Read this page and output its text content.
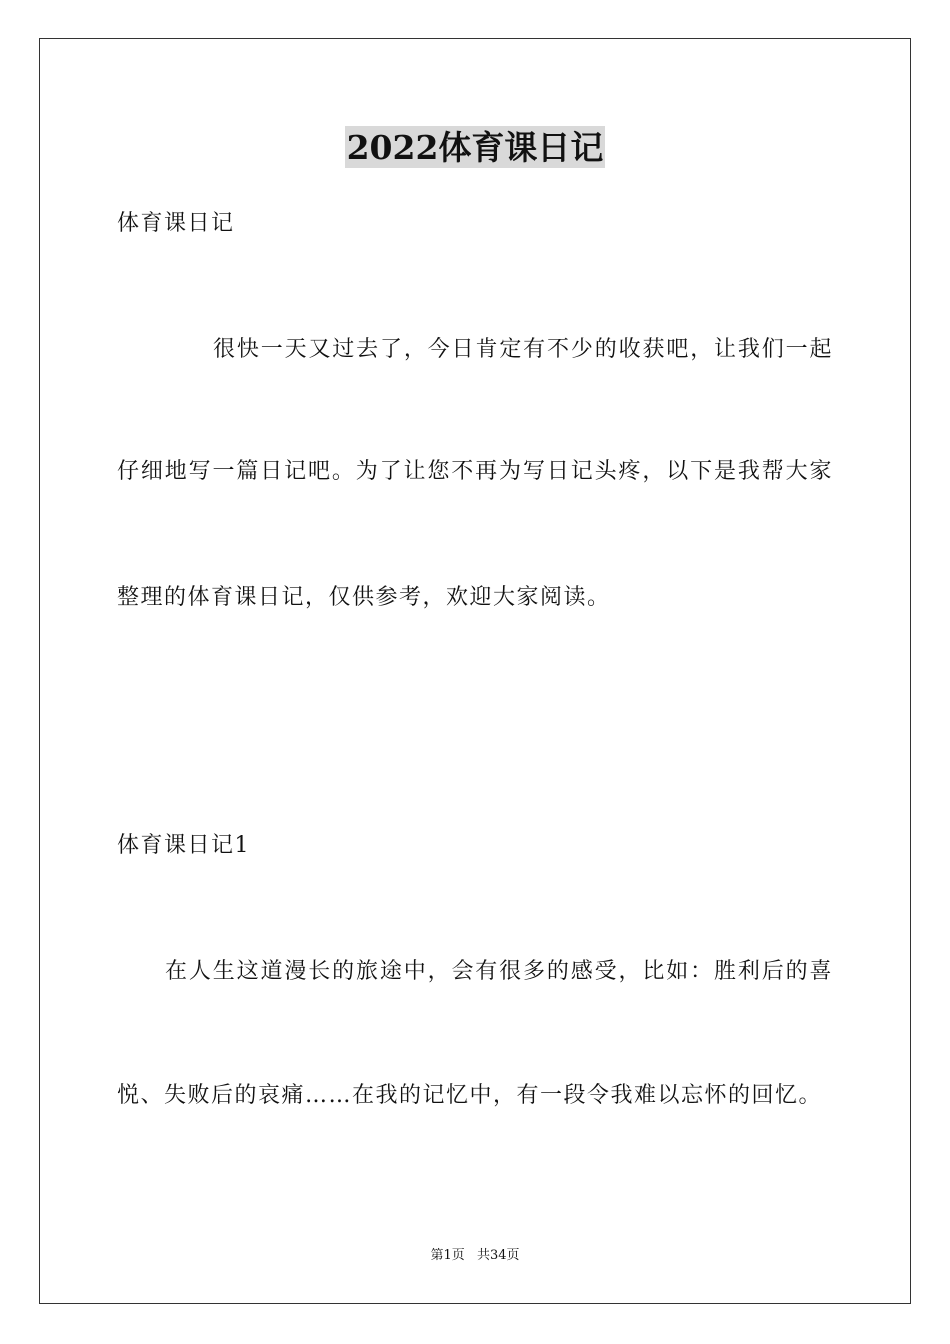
2022体育课日记
体育课日记
很快一天又过去了，今日肯定有不少的收获吧，让我们一起
仔细地写一篇日记吧。为了让您不再为写日记头疼，以下是我帮大家
整理的体育课日记，仅供参考，欢迎大家阅读。
体育课日记1
在人生这道漫长的旅途中，会有很多的感受，比如：胜利后的喜
悦、失败后的哀痛……在我的记忆中，有一段令我难以忘怀的回忆。
第1页 共34页
